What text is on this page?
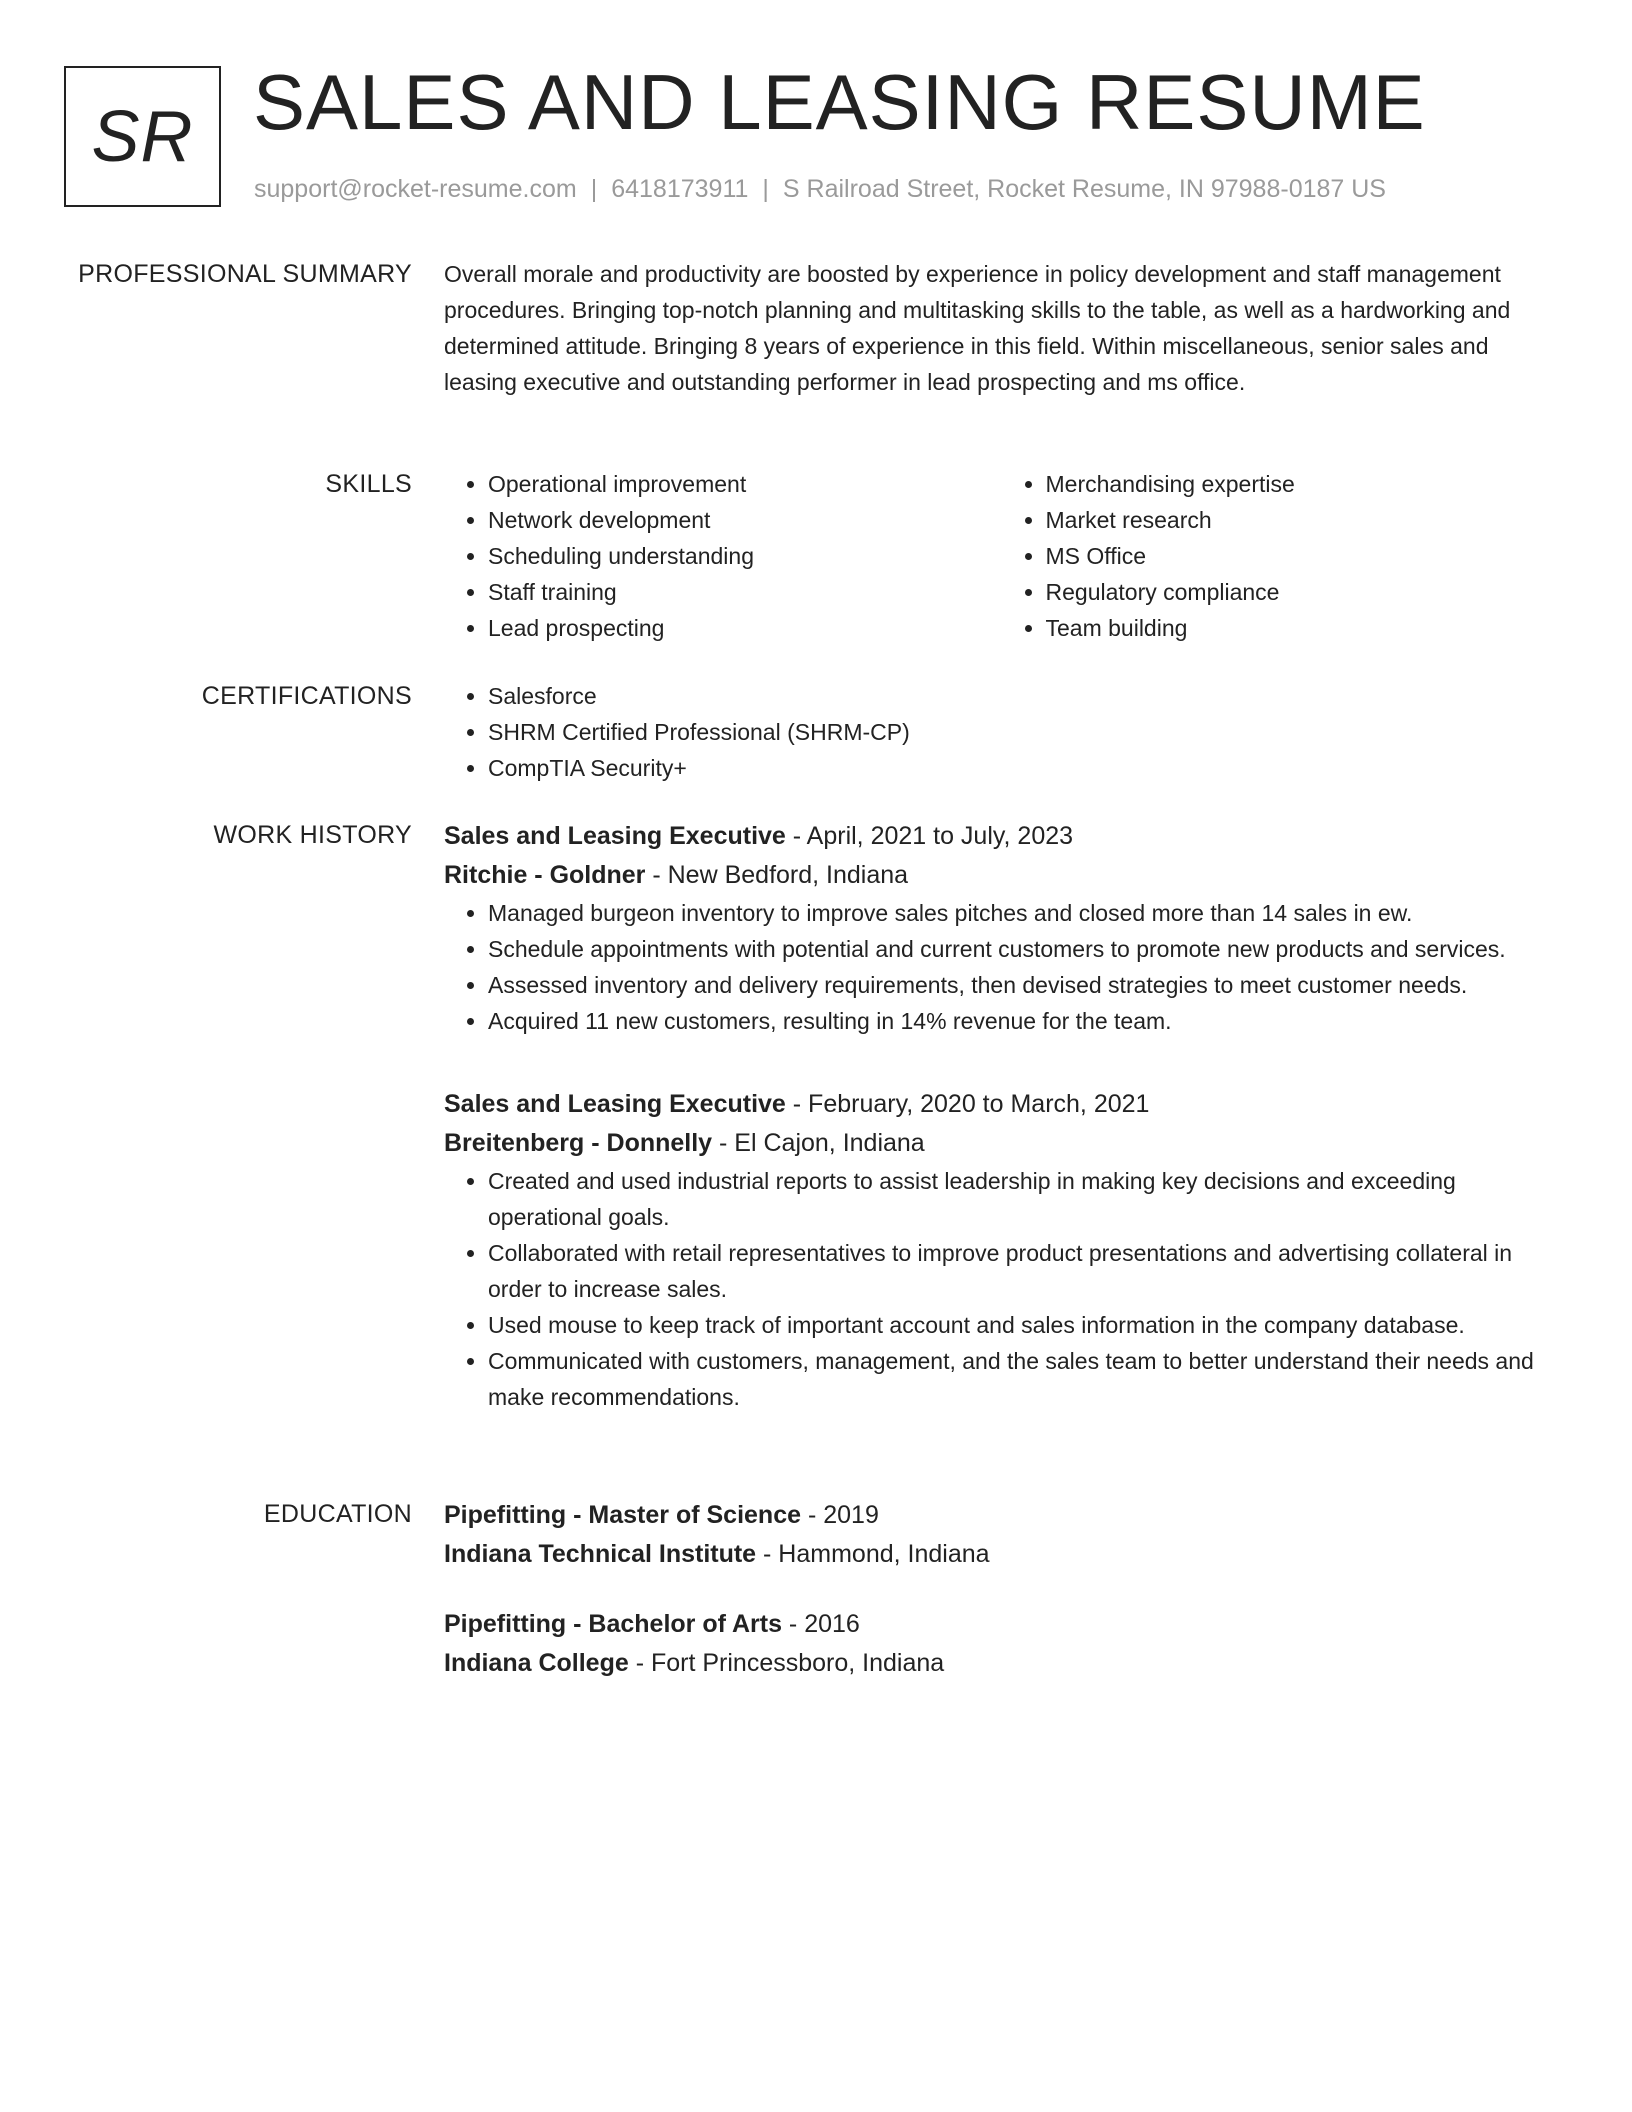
SR SALES AND LEASING RESUME
support@rocket-resume.com | 6418173911 | S Railroad Street, Rocket Resume, IN 97988-0187 US
PROFESSIONAL SUMMARY Overall morale and productivity are boosted by experience in policy development and staff management procedures. Bringing top-notch planning and multitasking skills to the table, as well as a hardworking and determined attitude. Bringing 8 years of experience in this field. Within miscellaneous, senior sales and leasing executive and outstanding performer in lead prospecting and ms office.

SKILLS	• Operational improvement
• Network development
• Scheduling understanding
• Staff training
• Lead prospecting
• Merchandising expertise
• Market research
• MS Office
• Regulatory compliance
• Team building
CERTIFICATIONS	• Salesforce
• SHRM Certified Professional (SHRM-CP)
• CompTIA Security+
WORK HISTORY Sales and Leasing Executive - April, 2021 to July, 2023
Ritchie - Goldner - New Bedford, Indiana
• Managed burgeon inventory to improve sales pitches and closed more than 14 sales in ew.
• Schedule appointments with potential and current customers to promote new products and services.
• Assessed inventory and delivery requirements, then devised strategies to meet customer needs.
• Acquired 11 new customers, resulting in 14% revenue for the team.
Sales and Leasing Executive - February, 2020 to March, 2021
Breitenberg - Donnelly - El Cajon, Indiana
• Created and used industrial reports to assist leadership in making key decisions and exceeding operational goals.
• Collaborated with retail representatives to improve product presentations and advertising collateral in order to increase sales.
• Used mouse to keep track of important account and sales information in the company database.
• Communicated with customers, management, and the sales team to better understand their needs and make recommendations.
EDUCATION Pipefitting - Master of Science - 2019
Indiana Technical Institute - Hammond, Indiana
Pipefitting - Bachelor of Arts - 2016
Indiana College - Fort Princessboro, Indiana
